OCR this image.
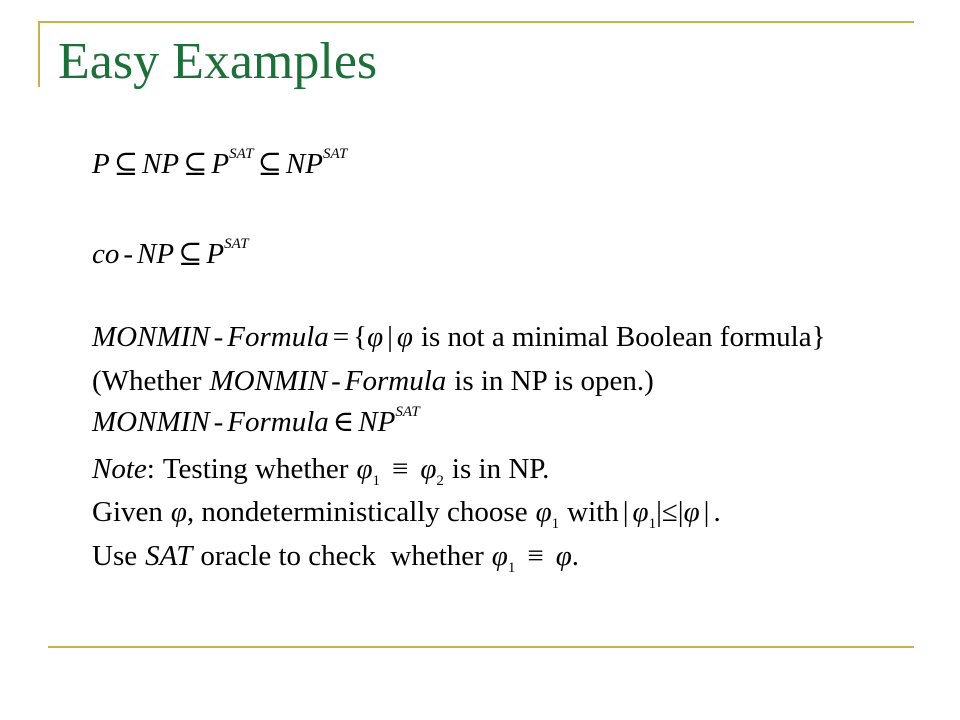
Easy Examples
P ⊆ NP ⊆ $P^{SAT}$ ⊆ $NP^{SAT}$
co - NP ⊆ $P^{SAT}$
MONMIN - Formula = {φ | φ is not a minimal Boolean formula}
(Whether MONMIN - Formula is in NP is open.)
MONMIN - Formula ∈ $NP^{SAT}$
Note: Testing whether $\varphi_1 \equiv \varphi_2$ is in NP.
Given φ, nondeterministically choose $\varphi_1$ with | $\varphi_1|\le|\varphi$ | .
Use SAT oracle to check  whether $\varphi_1 \equiv \varphi$.
